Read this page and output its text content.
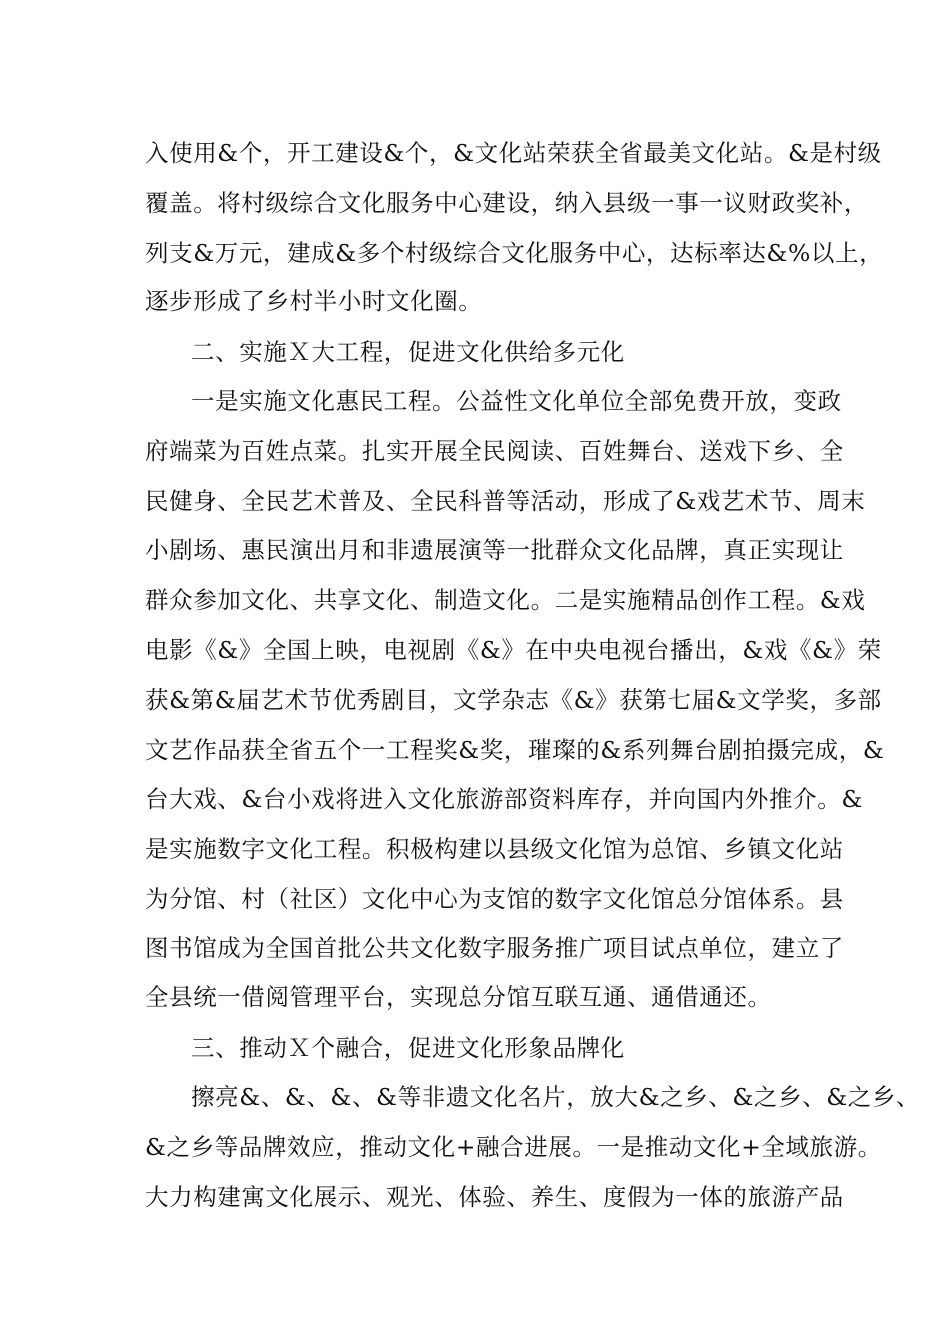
入使用&个，开工建设&个，&文化站荣获全省最美文化站。&是村级
覆盖。将村级综合文化服务中心建设，纳入县级一事一议财政奖补，
列支&万元，建成&多个村级综合文化服务中心，达标率达&%以上，
逐步形成了乡村半小时文化圈。
二、实施Ｘ大工程，促进文化供给多元化
一是实施文化惠民工程。公益性文化单位全部免费开放，变政
府端菜为百姓点菜。扎实开展全民阅读、百姓舞台、送戏下乡、全
民健身、全民艺术普及、全民科普等活动，形成了&戏艺术节、周末
小剧场、惠民演出月和非遗展演等一批群众文化品牌，真正实现让
群众参加文化、共享文化、制造文化。二是实施精品创作工程。&戏
电影《&》全国上映，电视剧《&》在中央电视台播出，&戏《&》荣
获&第&届艺术节优秀剧目，文学杂志《&》获第七届&文学奖，多部
文艺作品获全省五个一工程奖&奖，璀璨的&系列舞台剧拍摄完成，&
台大戏、&台小戏将进入文化旅游部资料库存，并向国内外推介。&
是实施数字文化工程。积极构建以县级文化馆为总馆、乡镇文化站
为分馆、村（社区）文化中心为支馆的数字文化馆总分馆体系。县
图书馆成为全国首批公共文化数字服务推广项目试点单位，建立了
全县统一借阅管理平台，实现总分馆互联互通、通借通还。
三、推动Ｘ个融合，促进文化形象品牌化
擦亮&、&、&、&等非遗文化名片，放大&之乡、&之乡、&之乡、
&之乡等品牌效应，推动文化+融合进展。一是推动文化+全域旅游。
大力构建寓文化展示、观光、体验、养生、度假为一体的旅游产品
